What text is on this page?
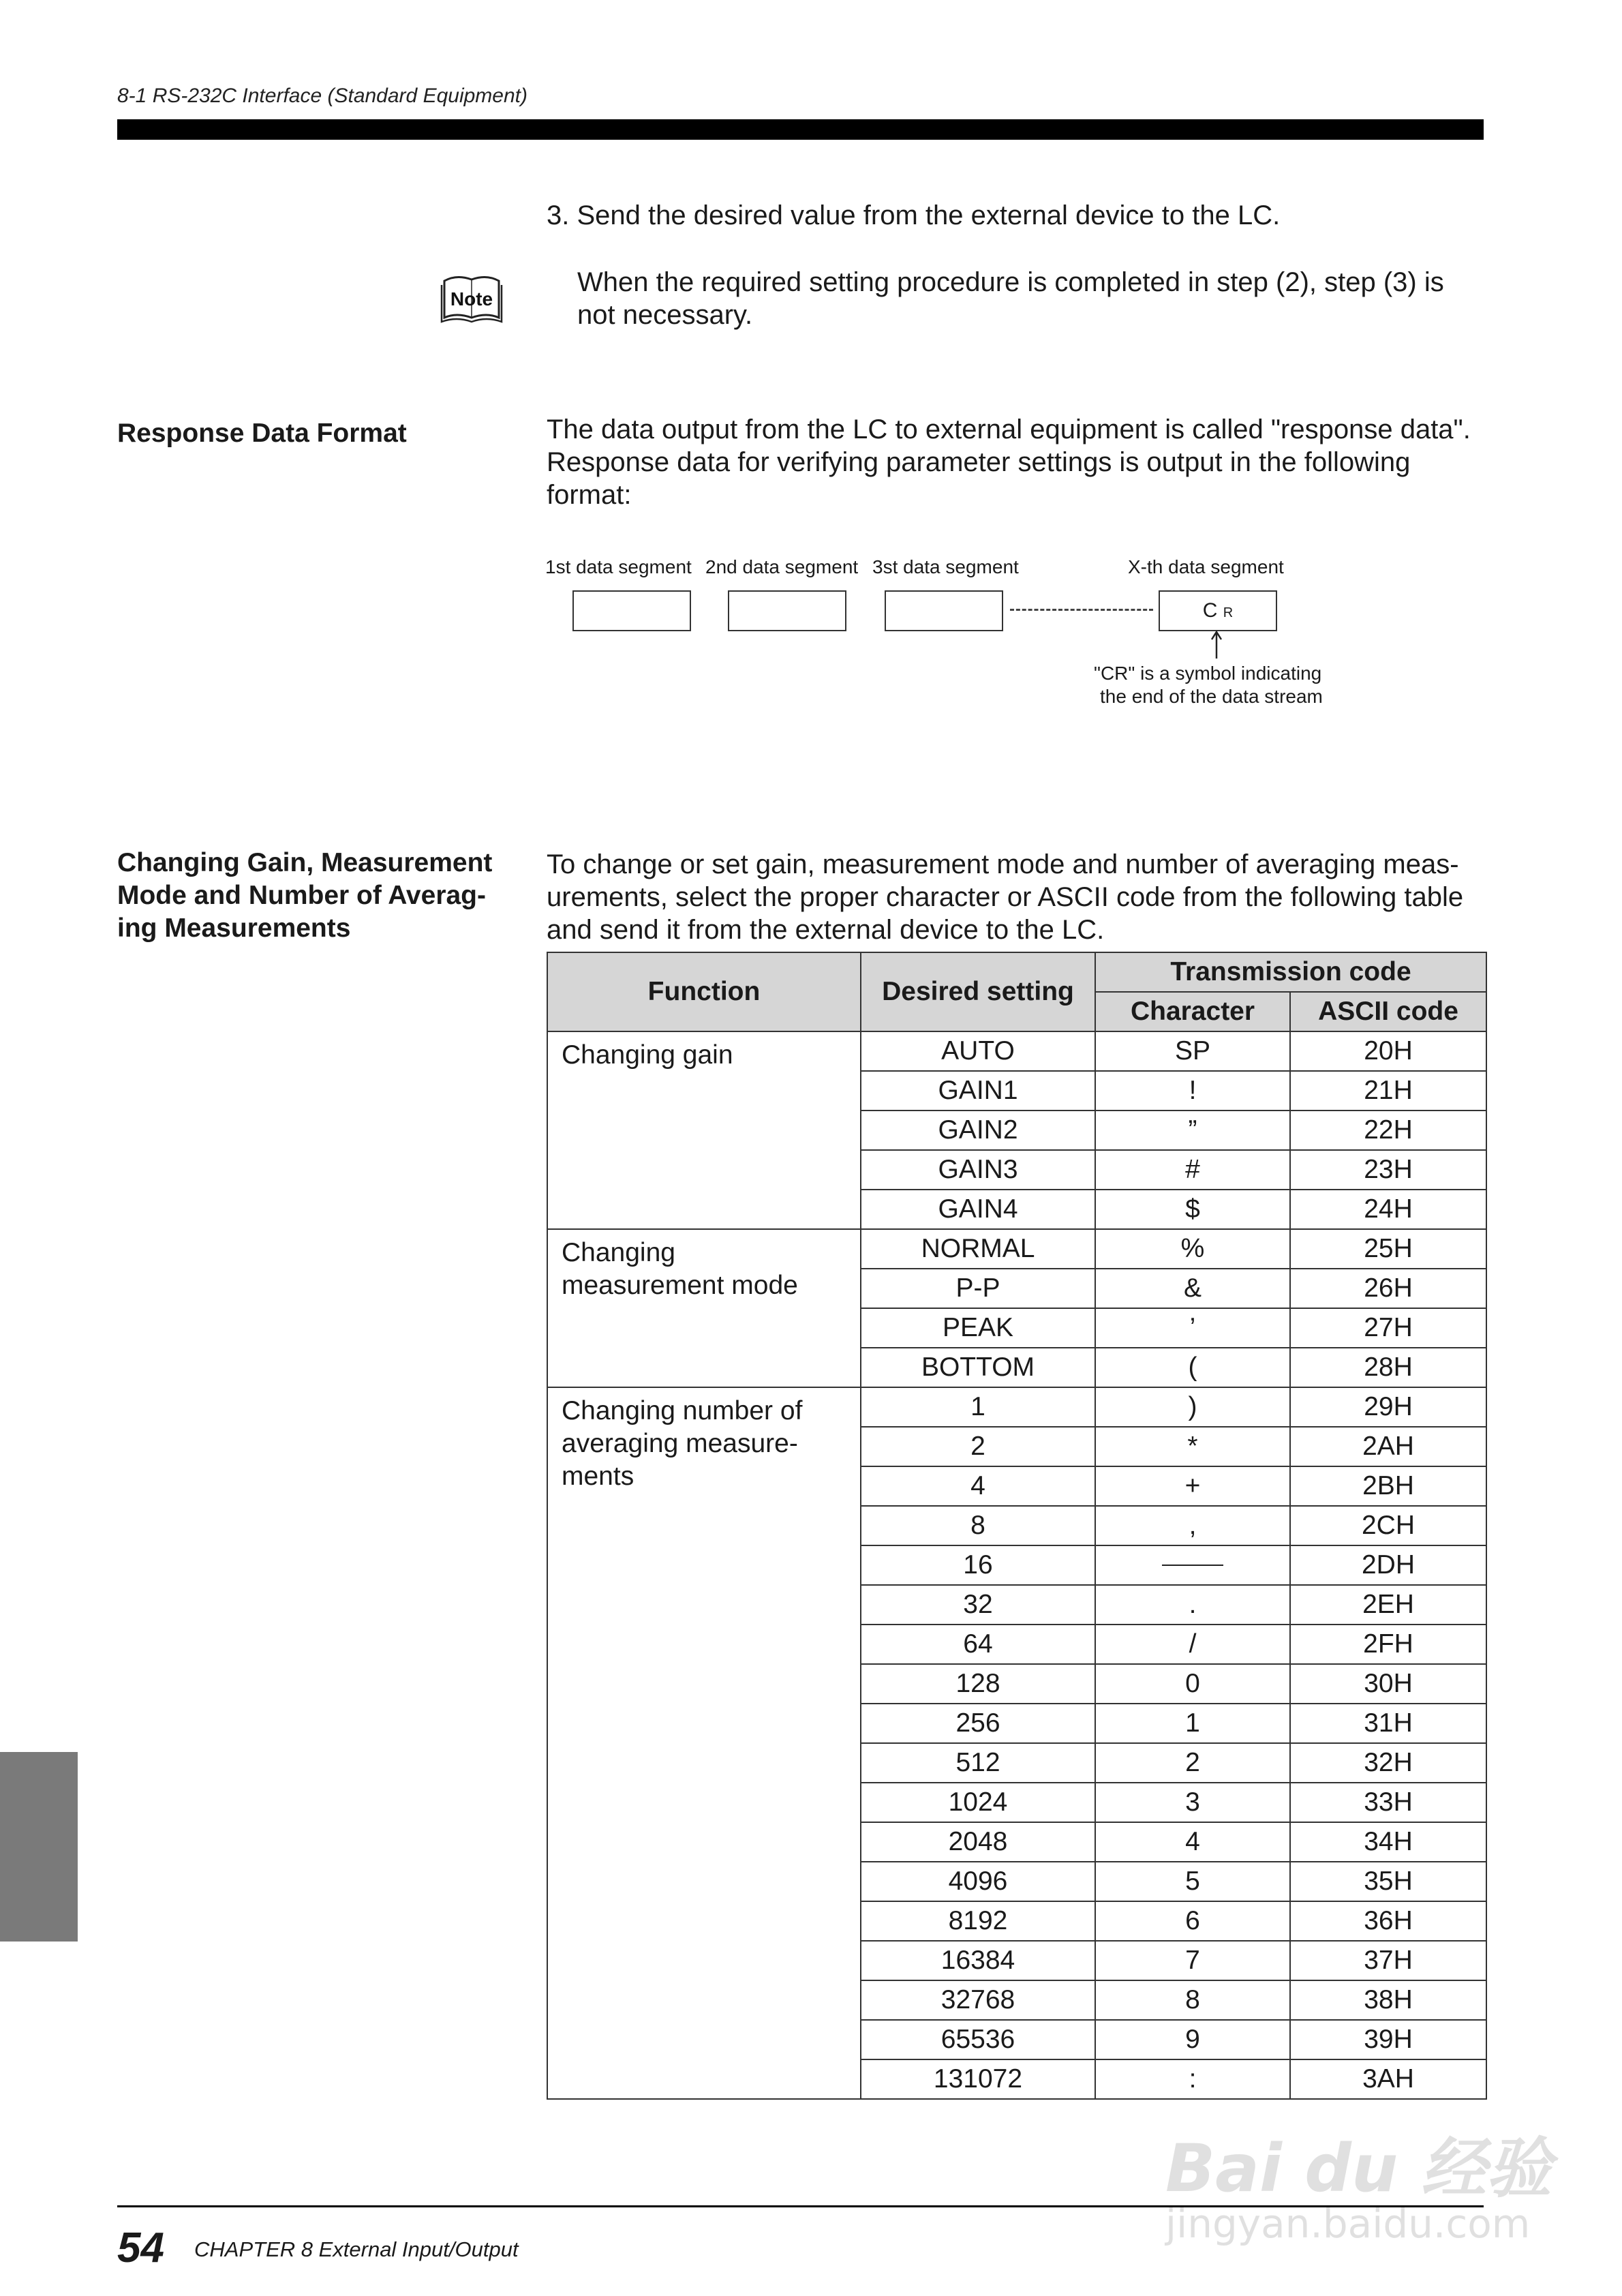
8-1 RS-232C Interface (Standard Equipment)
3. Send the desired value from the external device to the LC.
Note
When the required setting procedure is completed in step (2), step (3) is
not necessary.
Response Data Format	The data output from the LC to external equipment is called "response data".
Response data for verifying parameter settings is output in the following
format:
1st data segment 2nd data segment 3st data segment	X-th data segment
C R
"CR" is a symbol indicating
the end of the data stream
Changing Gain, Measurement
Mode and Number of Averag-
ing Measurements
To change or set gain, measurement mode and number of averaging meas-
urements, select the proper character or ASCII code from the following table
and send it from the external device to the LC.
Function	Desired setting	Transmission code	
		Character	ASCII code

Changing gain	AUTO	SP	20H
	GAIN1	!	21H
	GAIN2	”	22H
	GAIN3	#	23H
	GAIN4	$	24H

Changing
measurement mode	NORMAL	%	25H
	P-P	&	26H
	PEAK	’	27H
	BOTTOM	(	28H

Changing number of
averaging measure-
ments	1	)	29H
	2	*	2AH
	4	+	2BH
	8	,	2CH
	16		2DH
	32	.	2EH
	64	/	2FH
	128	0	30H
	256	1	31H
	512	2	32H
	1024	3	33H
	2048	4	34H
	4096	5	35H
	8192	6	36H
	16384	7	37H
	32768	8	38H
	65536	9	39H
	131072	:	3AH
54 CHAPTER 8 External Input/Output
Bai du 经验
jingyan.baidu.com
